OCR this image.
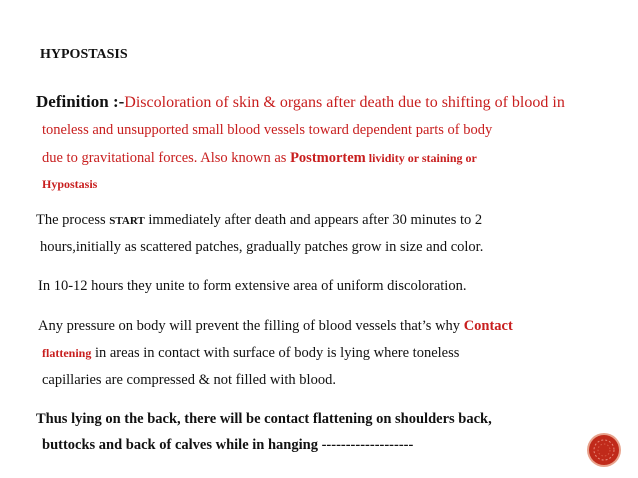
HYPOSTASIS
Definition :-Discoloration of skin & organs after death due to shifting of blood in
toneless and unsupported small blood vessels toward dependent parts of body
due to gravitational forces. Also known as Postmortem lividity or staining or
Hypostasis
The process START immediately after death and appears after 30 minutes to 2
hours,initially as scattered patches, gradually patches grow in size and color.
In 10-12 hours they unite to form extensive area of uniform discoloration.
Any pressure on body will prevent the filling of blood vessels that’s why Contact
flattening in areas in contact with surface of body is lying where toneless
capillaries are compressed & not filled with blood.
Thus lying on the back, there will be contact flattening on shoulders back,
buttocks and back of calves while in hanging -------------------
